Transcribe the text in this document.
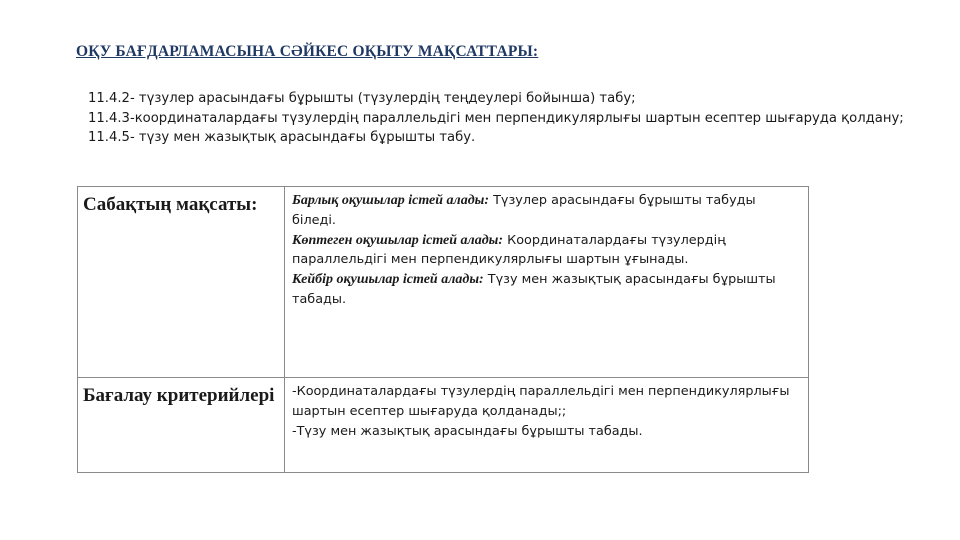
ОҚУ БАҒДАРЛАМАСЫНА СӘЙКЕС ОҚЫТУ МАҚСАТТАРЫ:

11.4.2- түзулер арасындағы бұрышты (түзулердің теңдеулері бойынша) табу;

11.4.3-координаталардағы түзулердің параллельдігі мен перпендикулярлығы шартын есептер шығаруда қолдану;

11.4.5- түзу мен жазықтық арасындағы бұрышты табу.

Сабақтың мақсаты:	Барлық оқушылар істей алады: Түзулер арасындағы бұрышты табуды біледі.

Көптеген оқушылар істей алады: Координаталардағы түзулердің параллельдігі мен перпендикулярлығы шартын ұғынады.

Кейбір оқушылар істей алады: Түзу мен жазықтық арасындағы бұрышты табады.

Бағалау критерийлері	-Координаталардағы түзулердің параллельдігі мен перпендикулярлығы шартын есептер шығаруда қолданады;;

-Түзу мен жазықтық арасындағы бұрышты табады.
